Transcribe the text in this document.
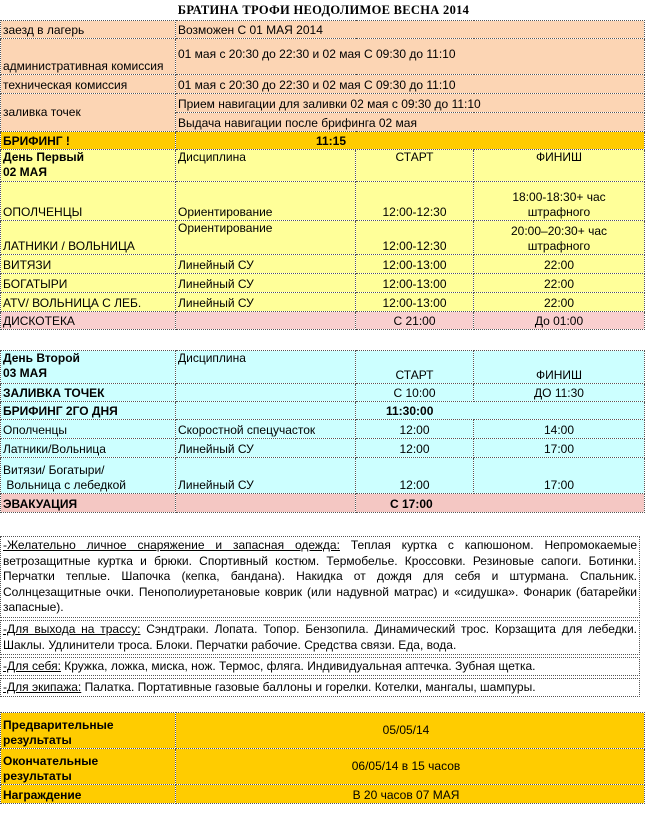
БРАТИНА ТРОФИ НЕОДОЛИМОЕ ВЕСНА 2014
заезд в лагерь	Возможен С 01 МАЯ 2014		
административная комиссия	01 мая с 20:30 до 22:30 и 02 мая С 09:30 до 11:10		
техническая комиссия	01 мая с 20:30 до 22:30 и 02 мая С 09:30 до 11:10		
заливка точек	Прием навигации для заливки 02 мая с 09:30 до 11:10		
	Выдача навигации после брифинга 02 мая		
БРИФИНГ !	11:15		

День Первый
02 МАЯ	Дисциплина	СТАРТ	ФИНИШ
ОПОЛЧЕНЦЫ	Ориентирование	12:00-12:30	18:00-18:30+ час
штрафного

ЛАТНИКИ / ВОЛЬНИЦА	Ориентирование	12:00-12:30	20:00–20:30+ час
штрафного

ВИТЯЗИ	Линейный СУ	12:00-13:00	22:00
БОГАТЫРИ	Линейный СУ	12:00-13:00	22:00
ATV/ ВОЛЬНИЦА С ЛЕБ.	Линейный СУ	12:00-13:00	22:00
ДИСКОТЕКА		С 21:00	До 01:00
День Второй
03 МАЯ	Дисциплина	СТАРТ	ФИНИШ
ЗАЛИВКА ТОЧЕК		С 10:00	ДО 11:30
БРИФИНГ 2ГО ДНЯ		11:30:00	
Ополченцы	Скоростной спецучасток	12:00	14:00
Латники/Вольница	Линейный СУ	12:00	17:00

Витязи/ Богатыри/
Вольница с лебедкой	Линейный СУ	12:00	17:00
ЭВАКУАЦИЯ		С 17:00	
-Желательно личное снаряжение и запасная одежда: Теплая куртка с капюшоном. Непромокаемые ветрозащитные куртка и брюки. Спортивный костюм. Термобелье. Кроссовки. Резиновые сапоги. Ботинки. Перчатки теплые. Шапочка (кепка, бандана). Накидка от дождя для себя и штурмана. Спальник. Солнцезащитные очки. Пенополиуретановые коврик (или надувной матрас) и «сидушка». Фонарик (батарейки запасные).
-Для выхода на трассу: Сэндтраки. Лопата. Топор. Бензопила. Динамический трос. Корзащита для лебедки. Шаклы. Удлинители троса. Блоки. Перчатки рабочие. Средства связи. Еда, вода.
-Для себя: Кружка, ложка, миска, нож. Термос, фляга. Индивидуальная аптечка. Зубная щетка.
-Для экипажа: Палатка. Портативные газовые баллоны и горелки. Котелки, мангалы, шампуры.
Предварительные
результаты	05/05/14

Окончательные
результаты	06/05/14 в 15 часов
Награждение	В 20 часов 07 МАЯ
